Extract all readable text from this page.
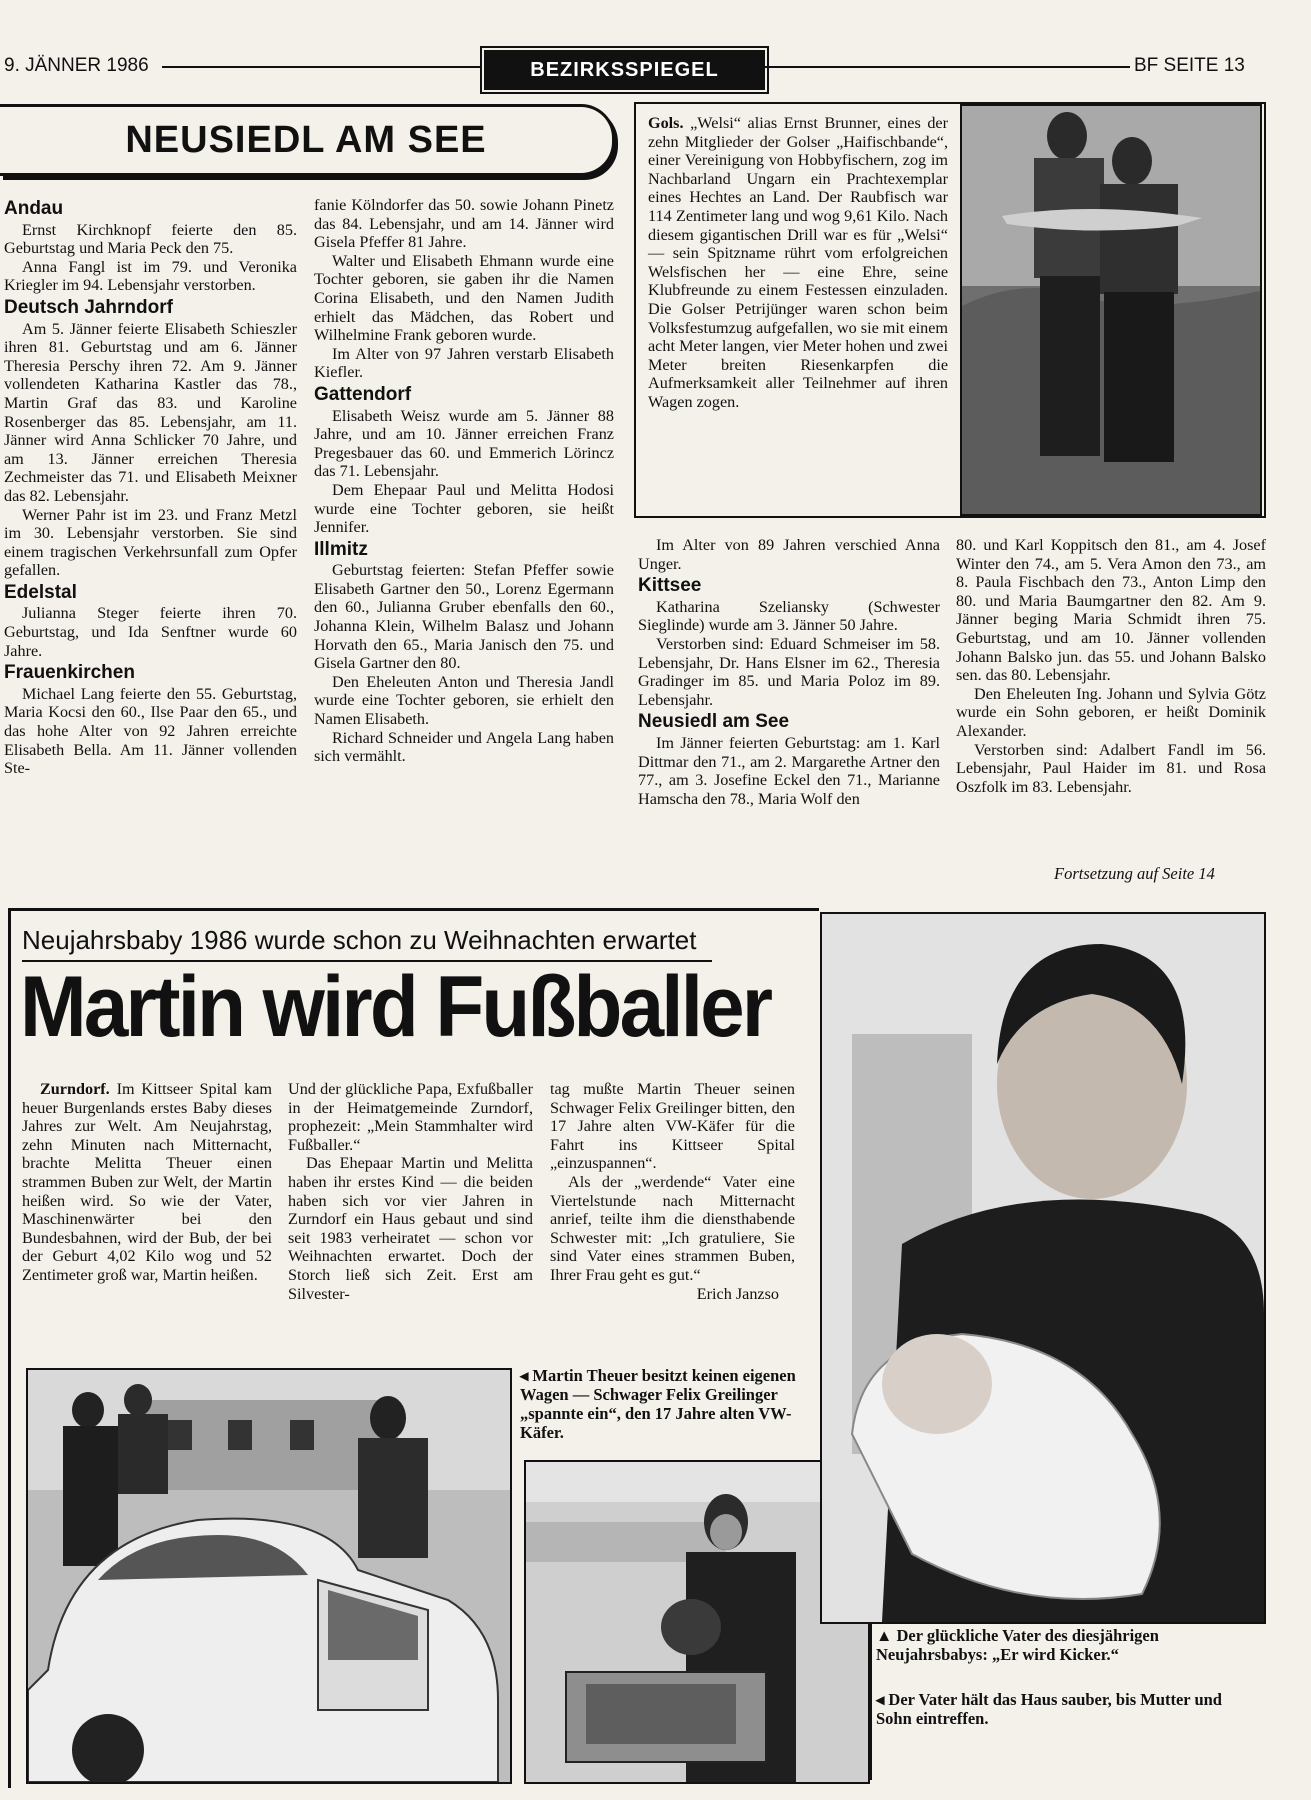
9. JÄNNER 1986	BEZIRKSSPIEGEL	BF SEITE 13
NEUSIEDL AM SEE
Andau

Ernst Kirchknopf feierte den 85. Geburtstag und Maria Peck den 75.

Anna Fangl ist im 79. und Veronika Kriegler im 94. Lebensjahr verstorben.

Deutsch Jahrndorf

Am 5. Jänner feierte Elisabeth Schieszler ihren 81. Geburtstag und am 6. Jänner Theresia Perschy ihren 72. Am 9. Jänner vollendeten Katharina Kastler das 78., Martin Graf das 83. und Karoline Rosenberger das 85. Lebensjahr, am 11. Jänner wird Anna Schlicker 70 Jahre, und am 13. Jänner erreichen Theresia Zechmeister das 71. und Elisabeth Meixner das 82. Lebensjahr.

Werner Pahr ist im 23. und Franz Metzl im 30. Lebensjahr verstorben. Sie sind einem tragischen Verkehrsunfall zum Opfer gefallen.

Edelstal

Julianna Steger feierte ihren 70. Geburtstag, und Ida Senftner wurde 60 Jahre.

Frauenkirchen

Michael Lang feierte den 55. Geburtstag, Maria Kocsi den 60., Ilse Paar den 65., und das hohe Alter von 92 Jahren erreichte Elisabeth Bella. Am 11. Jänner vollenden Ste-

fanie Kölndorfer das 50. sowie Johann Pinetz das 84. Lebensjahr, und am 14. Jänner wird Gisela Pfeffer 81 Jahre.

Walter und Elisabeth Ehmann wurde eine Tochter geboren, sie gaben ihr die Namen Corina Elisabeth, und den Namen Judith erhielt das Mädchen, das Robert und Wilhelmine Frank geboren wurde.

Im Alter von 97 Jahren verstarb Elisabeth Kiefler.

Gattendorf

Elisabeth Weisz wurde am 5. Jänner 88 Jahre, und am 10. Jänner erreichen Franz Pregesbauer das 60. und Emmerich Lörincz das 71. Lebensjahr.

Dem Ehepaar Paul und Melitta Hodosi wurde eine Tochter geboren, sie heißt Jennifer.

Illmitz

Geburtstag feierten: Stefan Pfeffer sowie Elisabeth Gartner den 50., Lorenz Egermann den 60., Julianna Gruber ebenfalls den 60., Johanna Klein, Wilhelm Balasz und Johann Horvath den 65., Maria Janisch den 75. und Gisela Gartner den 80.

Den Eheleuten Anton und Theresia Jandl wurde eine Tochter geboren, sie erhielt den Namen Elisabeth.

Richard Schneider und Angela Lang haben sich vermählt.

Gols. „Welsi“ alias Ernst Brunner, eines der zehn Mitglieder der Golser „Haifischbande“, einer Vereinigung von Hobbyfischern, zog im Nachbarland Ungarn ein Prachtexemplar eines Hechtes an Land. Der Raubfisch war 114 Zentimeter lang und wog 9,61 Kilo. Nach diesem gigantischen Drill war es für „Welsi“ — sein Spitzname rührt vom erfolgreichen Welsfischen her — eine Ehre, seine Klubfreunde zu einem Festessen einzuladen. Die Golser Petrijünger waren schon beim Volksfestumzug aufgefallen, wo sie mit einem acht Meter langen, vier Meter hohen und zwei Meter breiten Riesenkarpfen die Aufmerksamkeit aller Teilnehmer auf ihren Wagen zogen.

Im Alter von 89 Jahren verschied Anna Unger.

Kittsee

Katharina Szeliansky (Schwester Sieglinde) wurde am 3. Jänner 50 Jahre.

Verstorben sind: Eduard Schmeiser im 58. Lebensjahr, Dr. Hans Elsner im 62., Theresia Gradinger im 85. und Maria Poloz im 89. Lebensjahr.

Neusiedl am See

Im Jänner feierten Geburtstag: am 1. Karl Dittmar den 71., am 2. Margarethe Artner den 77., am 3. Josefine Eckel den 71., Marianne Hamscha den 78., Maria Wolf den

80. und Karl Koppitsch den 81., am 4. Josef Winter den 74., am 5. Vera Amon den 73., am 8. Paula Fischbach den 73., Anton Limp den 80. und Maria Baumgartner den 82. Am 9. Jänner beging Maria Schmidt ihren 75. Geburtstag, und am 10. Jänner vollenden Johann Balsko jun. das 55. und Johann Balsko sen. das 80. Lebensjahr.

Den Eheleuten Ing. Johann und Sylvia Götz wurde ein Sohn geboren, er heißt Dominik Alexander.

Verstorben sind: Adalbert Fandl im 56. Lebensjahr, Paul Haider im 81. und Rosa Oszfolk im 83. Lebensjahr.

Fortsetzung auf Seite 14
Neujahrsbaby 1986 wurde schon zu Weihnachten erwartet
Martin wird Fußballer

Zurndorf. Im Kittseer Spital kam heuer Burgenlands erstes Baby dieses Jahres zur Welt. Am Neujahrstag, zehn Minuten nach Mitternacht, brachte Melitta Theuer einen strammen Buben zur Welt, der Martin heißen wird. So wie der Vater, Maschinenwärter bei den Bundesbahnen, wird der Bub, der bei der Geburt 4,02 Kilo wog und 52 Zentimeter groß war, Martin heißen.

Und der glückliche Papa, Exfußballer in der Heimatgemeinde Zurndorf, prophezeit: „Mein Stammhalter wird Fußballer.“

Das Ehepaar Martin und Melitta haben ihr erstes Kind — die beiden haben sich vor vier Jahren in Zurndorf ein Haus gebaut und sind seit 1983 verheiratet — schon vor Weihnachten erwartet. Doch der Storch ließ sich Zeit. Erst am Silvester-

tag mußte Martin Theuer seinen Schwager Felix Greilinger bitten, den 17 Jahre alten VW-Käfer für die Fahrt ins Kittseer Spital „einzuspannen“.

Als der „werdende“ Vater eine Viertelstunde nach Mitternacht anrief, teilte ihm die diensthabende Schwester mit: „Ich gratuliere, Sie sind Vater eines strammen Buben, Ihrer Frau geht es gut.“

Erich Janzso
◂ Martin Theuer besitzt keinen eigenen Wagen — Schwager Felix Greilinger „spannte ein“, den 17 Jahre alten VW-Käfer.
▲ Der glückliche Vater des diesjährigen Neujahrsbabys: „Er wird Kicker.“
◂ Der Vater hält das Haus sauber, bis Mutter und Sohn eintreffen.
